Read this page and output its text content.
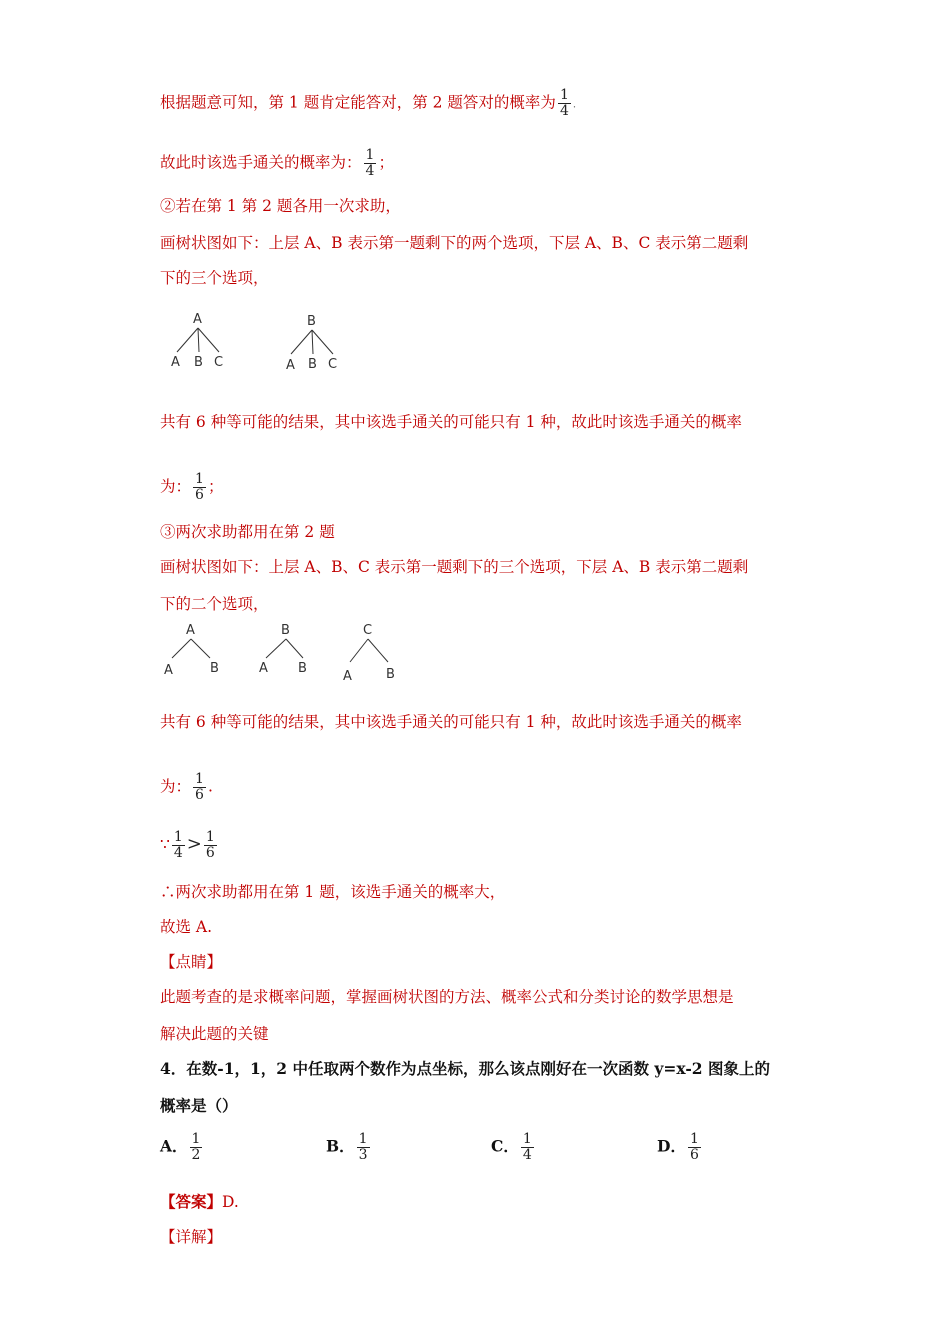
根据题意可知，第 1 题肯定能答对，第 2 题答对的概率为 $\frac{1}{4}$ .
故此时该选手通关的概率为： $\frac{1}{4}$ ；
②若在第 1 第 2 题各用一次求助，
画树状图如下：上层 A、B 表示第一题剩下的两个选项，下层 A、B、C 表示第二题剩
下的三个选项，
A
A B C
B
A B C
共有 6 种等可能的结果，其中该选手通关的可能只有 1 种，故此时该选手通关的概率
为： $\frac{1}{6}$ ；
③两次求助都用在第 2 题
画树状图如下：上层 A、B、C 表示第一题剩下的三个选项，下层 A、B 表示第二题剩
下的二个选项，
A
A	B
B
A B
C
A	B
共有 6 种等可能的结果，其中该选手通关的可能只有 1 种，故此时该选手通关的概率
为： $\frac{1}{6}$ .
∵ $\frac{1}{4} > \frac{1}{6}$
∴两次求助都用在第 1 题，该选手通关的概率大，
故选 A.
【点睛】
此题考查的是求概率问题，掌握画树状图的方法、概率公式和分类讨论的数学思想是
解决此题的关键
4．在数-1，1，2 中任取两个数作为点坐标，那么该点刚好在一次函数 y=x-2 图象上的
概率是（）
A． $\frac{1}{2}$	B． $\frac{1}{3}$	C． $\frac{1}{4}$	D． $\frac{1}{6}$
【答案】D.
【详解】
